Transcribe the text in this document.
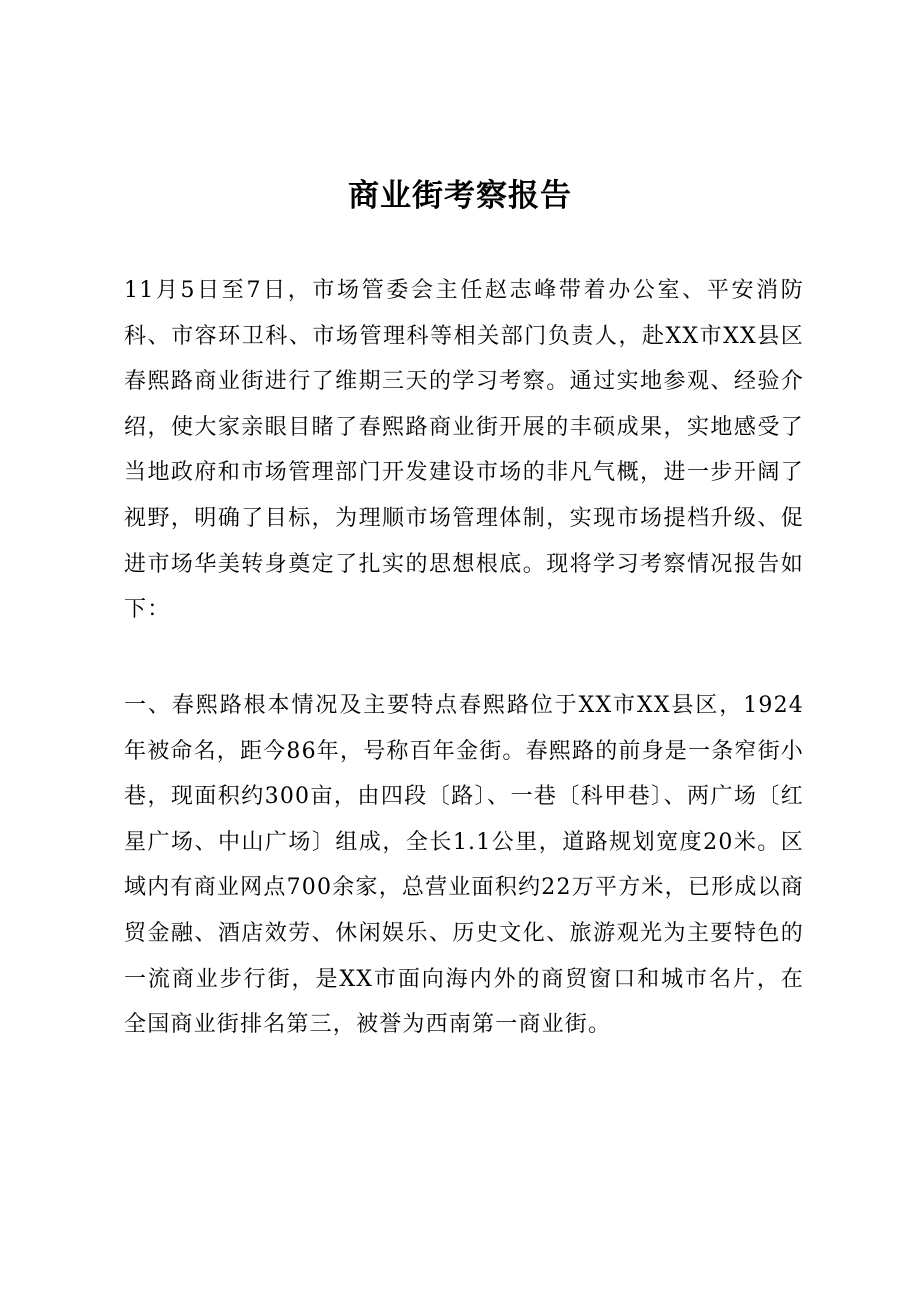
商业街考察报告

11月5日至7日，市场管委会主任赵志峰带着办公室、平安消防科、市容环卫科、市场管理科等相关部门负责人，赴XX市XX县区春熙路商业街进行了维期三天的学习考察。通过实地参观、经验介绍，使大家亲眼目睹了春熙路商业街开展的丰硕成果，实地感受了当地政府和市场管理部门开发建设市场的非凡气概，进一步开阔了视野，明确了目标，为理顺市场管理体制，实现市场提档升级、促进市场华美转身奠定了扎实的思想根底。现将学习考察情况报告如下：

一、春熙路根本情况及主要特点春熙路位于XX市XX县区，1924年被命名，距今86年，号称百年金街。春熙路的前身是一条窄街小巷，现面积约300亩，由四段〔路〕、一巷〔科甲巷〕、两广场〔红星广场、中山广场〕组成，全长1.1公里，道路规划宽度20米。区域内有商业网点700余家，总营业面积约22万平方米，已形成以商贸金融、酒店效劳、休闲娱乐、历史文化、旅游观光为主要特色的一流商业步行街，是XX市面向海内外的商贸窗口和城市名片，在全国商业街排名第三，被誉为西南第一商业街。
